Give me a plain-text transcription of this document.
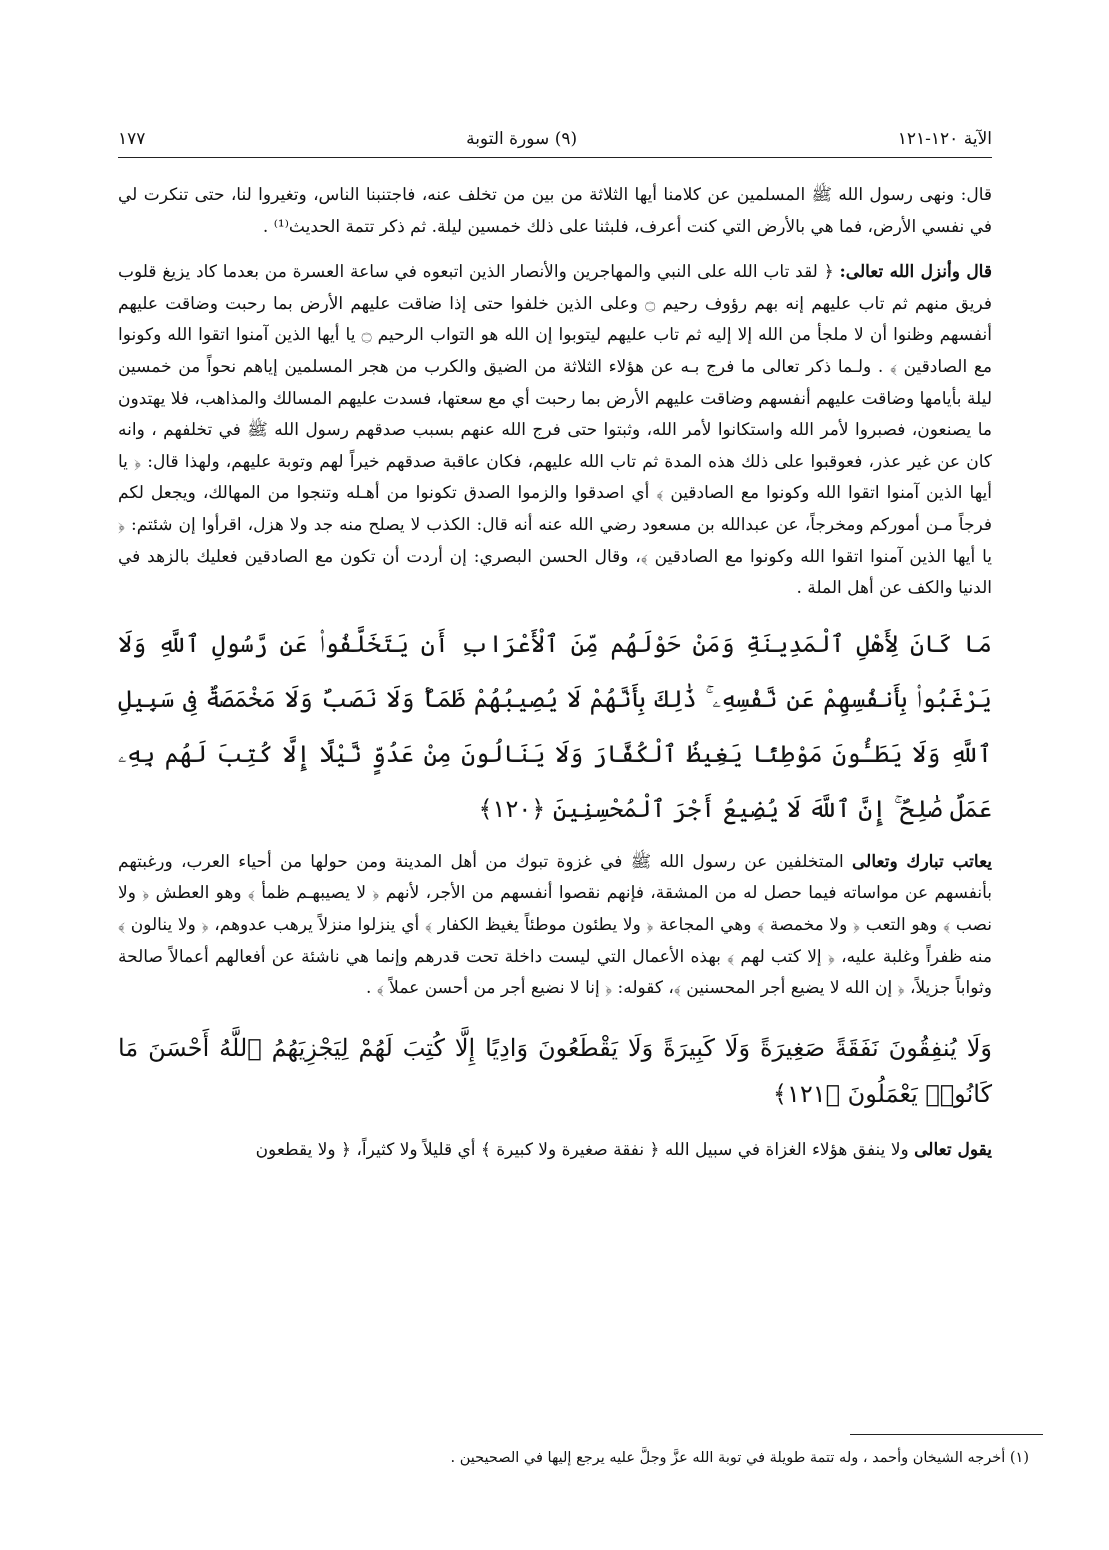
الآية ١٢٠-١٢١
(٩) سورة التوبة
١٧٧

قال: ونهى رسول الله ﷺ المسلمين عن كلامنا أيها الثلاثة من بين من تخلف عنه، فاجتنبنا الناس، وتغيروا لنا، حتى تنكرت لي في نفسي الأرض، فما هي بالأرض التي كنت أعرف، فلبثنا على ذلك خمسين ليلة. ثم ذكر تتمة الحديث⁽¹⁾ .

قال وأنزل الله تعالى: ﴿ لقد تاب الله على النبي والمهاجرين والأنصار الذين اتبعوه في ساعة العسرة من بعدما كاد يزيغ قلوب فريق منهم ثم تاب عليهم إنه بهم رؤوف رحيم ۝ وعلى الذين خلفوا حتى إذا ضاقت عليهم الأرض بما رحبت وضاقت عليهم أنفسهم وظنوا أن لا ملجأ من الله إلا إليه ثم تاب عليهم ليتوبوا إن الله هو التواب الرحيم ۝ يا أيها الذين آمنوا اتقوا الله وكونوا مع الصادقين ﴾ . ولـما ذكر تعالى ما فرج بـه عن هؤلاء الثلاثة من الضيق والكرب من هجر المسلمين إياهم نحواً من خمسين ليلة بأيامها وضاقت عليهم أنفسهم وضاقت عليهم الأرض بما رحبت أي مع سعتها، فسدت عليهم المسالك والمذاهب، فلا يهتدون ما يصنعون، فصبروا لأمر الله واستكانوا لأمر الله، وثبتوا حتى فرج الله عنهم بسبب صدقهم رسول الله ﷺ في تخلفهم ، وانه كان عن غير عذر، فعوقبوا على ذلك هذه المدة ثم تاب الله عليهم، فكان عاقبة صدقهم خيراً لهم وتوبة عليهم، ولهذا قال: ﴿ يا أيها الذين آمنوا اتقوا الله وكونوا مع الصادقين ﴾ أي اصدقوا والزموا الصدق تكونوا من أهـله وتنجوا من المهالك، ويجعل لكم فرجاً مـن أموركم ومخرجاً، عن عبدالله بن مسعود رضي الله عنه أنه قال: الكذب لا يصلح منه جد ولا هزل، اقرأوا إن شئتم: ﴿ يا أيها الذين آمنوا اتقوا الله وكونوا مع الصادقين ﴾، وقال الحسن البصري: إن أردت أن تكون مع الصادقين فعليك بالزهد في الدنيا والكف عن أهل الملة .

مَا كَانَ لِأَهْلِ ٱلْمَدِينَةِ وَمَنْ حَوْلَهُم مِّنَ ٱلْأَعْرَابِ أَن يَتَخَلَّفُوا۟ عَن رَّسُولِ ٱللَّهِ وَلَا يَرْغَبُوا۟ بِأَنفُسِهِمْ عَن نَّفْسِهِۦ ۚ ذَٰلِكَ بِأَنَّهُمْ لَا يُصِيبُهُمْ ظَمَأٌ وَلَا نَصَبٌ وَلَا مَخْمَصَةٌ فِى سَبِيلِ ٱللَّهِ وَلَا يَطَـُٔونَ مَوْطِئًا يَغِيظُ ٱلْكُفَّارَ وَلَا يَنَالُونَ مِنْ عَدُوٍّ نَّيْلًا إِلَّا كُتِبَ لَهُم بِهِۦ عَمَلٌ صَٰلِحٌ ۚ إِنَّ ٱللَّهَ لَا يُضِيعُ أَجْرَ ٱلْمُحْسِنِينَ ﴿١٢٠﴾

يعاتب تبارك وتعالى المتخلفين عن رسول الله ﷺ في غزوة تبوك من أهل المدينة ومن حولها من أحياء العرب، ورغبتهم بأنفسهم عن مواساته فيما حصل له من المشقة، فإنهم نقصوا أنفسهم من الأجر، لأنهم ﴿ لا يصيبهـم ظمأ ﴾ وهو العطش ﴿ ولا نصب ﴾ وهو التعب ﴿ ولا مخمصة ﴾ وهي المجاعة ﴿ ولا يطئون موطئاً يغيظ الكفار ﴾ أي ينزلوا منزلاً يرهب عدوهم، ﴿ ولا ينالون ﴾ منه ظفراً وغلبة عليه، ﴿ إلا كتب لهم ﴾ بهذه الأعمال التي ليست داخلة تحت قدرهم وإنما هي ناشئة عن أفعالهم أعمالاً صالحة وثواباً جزيلاً، ﴿ إن الله لا يضيع أجر المحسنين ﴾، كقوله: ﴿ إنا لا نضيع أجر من أحسن عملاً ﴾ .

وَلَا يُنفِقُونَ نَفَقَةً صَغِيرَةً وَلَا كَبِيرَةً وَلَا يَقْطَعُونَ وَادِيًا إِلَّا كُتِبَ لَهُمْ لِيَجْزِيَهُمُ ٱللَّهُ أَحْسَنَ مَا كَانُوا۟ يَعْمَلُونَ ﴿١٢١﴾

يقول تعالى ولا ينفق هؤلاء الغزاة في سبيل الله ﴿ نفقة صغيرة ولا كبيرة ﴾ أي قليلاً ولا كثيراً، ﴿ ولا يقطعون

(١) أخرجه الشيخان وأحمد ، وله تتمة طويلة في توبة الله عزَّ وجلَّ عليه يرجع إليها في الصحيحين .
